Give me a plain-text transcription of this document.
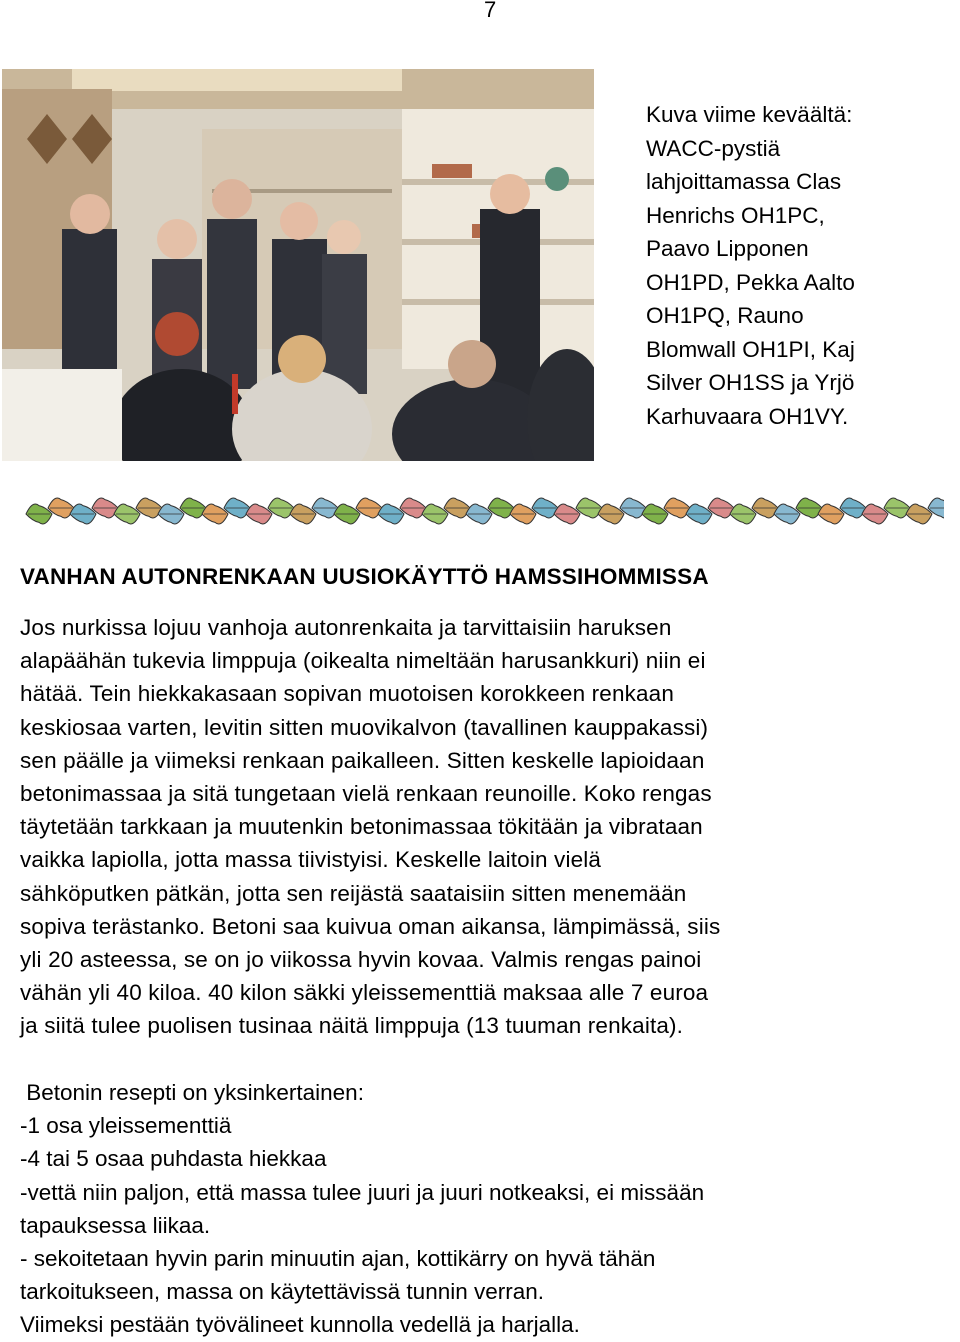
7
Kuva viime keväältä:
WACC-pystiä
lahjoittamassa Clas
Henrichs OH1PC,
Paavo Lipponen
OH1PD, Pekka Aalto
OH1PQ, Rauno
Blomwall OH1PI, Kaj
Silver OH1SS ja Yrjö
Karhuvaara OH1VY.
VANHAN AUTONRENKAAN UUSIOKÄYTTÖ HAMSSIHOMMISSA
Jos nurkissa lojuu vanhoja autonrenkaita ja tarvittaisiin haruksen
alapäähän tukevia limppuja (oikealta nimeltään harusankkuri) niin ei
hätää. Tein hiekkakasaan sopivan muotoisen korokkeen renkaan
keskiosaa varten, levitin sitten muovikalvon (tavallinen kauppakassi)
sen päälle ja viimeksi renkaan paikalleen. Sitten keskelle lapioidaan
betonimassaa ja sitä tungetaan vielä renkaan reunoille. Koko rengas
täytetään tarkkaan ja muutenkin betonimassaa tökitään ja vibrataan
vaikka lapiolla, jotta massa tiivistyisi. Keskelle laitoin vielä
sähköputken pätkän, jotta sen reijästä saataisiin sitten menemään
sopiva terästanko. Betoni saa kuivua oman aikansa, lämpimässä, siis
yli 20 asteessa, se on jo viikossa hyvin kovaa. Valmis rengas painoi
vähän yli 40 kiloa. 40 kilon säkki yleissementtiä maksaa alle 7 euroa
ja siitä tulee puolisen tusinaa näitä limppuja (13 tuuman renkaita).
Betonin resepti on yksinkertainen:
-1 osa yleissementtiä
-4 tai 5 osaa puhdasta hiekkaa
-vettä niin paljon, että massa tulee juuri ja juuri notkeaksi, ei missään
tapauksessa liikaa.
- sekoitetaan hyvin parin minuutin ajan, kottikärry on hyvä tähän
tarkoitukseen, massa on käytettävissä tunnin verran.
Viimeksi pestään työvälineet kunnolla vedellä ja harjalla.
